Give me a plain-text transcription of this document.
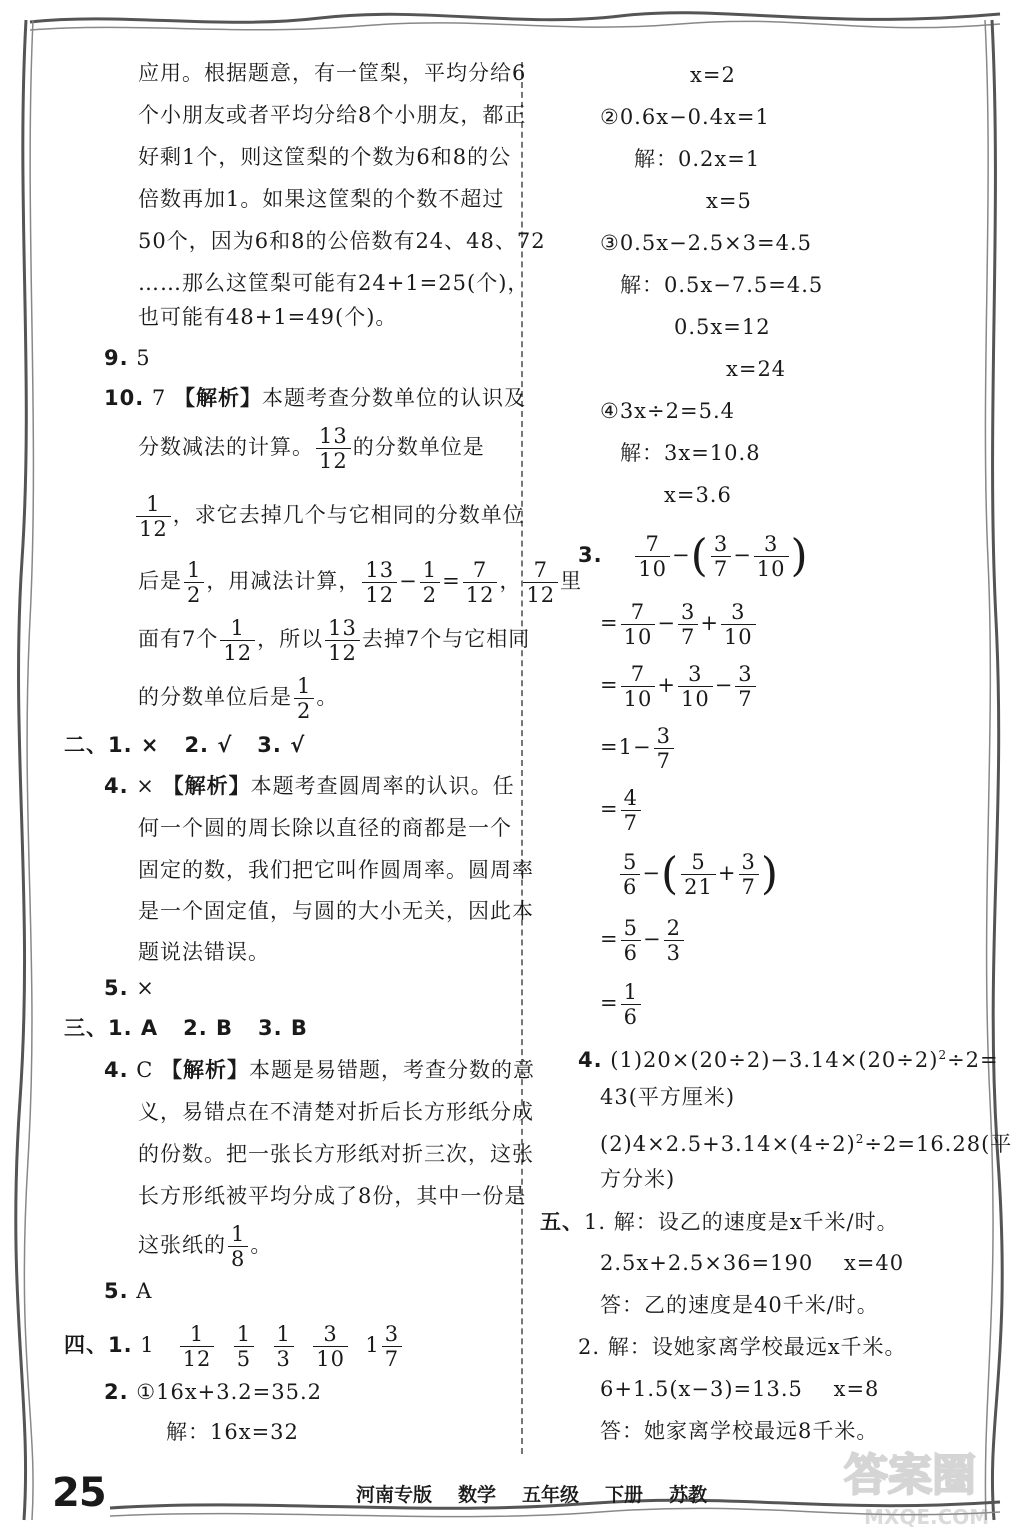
应用。根据题意，有一筐梨，平均分给6
个小朋友或者平均分给8个小朋友，都正
好剩1个，则这筐梨的个数为6和8的公
倍数再加1。如果这筐梨的个数不超过
50个，因为6和8的公倍数有24、48、72
……那么这筐梨可能有24+1=25(个)，
也可能有48+1=49(个)。
9. 5
10. 7 【解析】本题考查分数单位的认识及
分数减法的计算。 $\frac{13}{12}$ 的分数单位是
$\frac{1}{12}$ ，求它去掉几个与它相同的分数单位
后是 $\frac{1}{2}$ ，用减法计算， $\frac{13}{12} - \frac{1}{2} = \frac{7}{12}$ ， $\frac{7}{12}$ 里
面有7个 $\frac{1}{12}$ ，所以 $\frac{13}{12}$ 去掉7个与它相同
的分数单位后是 $\frac{1}{2}$ 。
二、1. × 2. √ 3. √
4. × 【解析】本题考查圆周率的认识。任
何一个圆的周长除以直径的商都是一个
固定的数，我们把它叫作圆周率。圆周率
是一个固定值，与圆的大小无关，因此本
题说法错误。
5. ×
三、1. A 2. B 3. B
4. C 【解析】本题是易错题，考查分数的意
义，易错点在不清楚对折后长方形纸分成
的份数。把一张长方形纸对折三次，这张
长方形纸被平均分成了8份，其中一份是
这张纸的 $\frac{1}{8}$ 。
5. A
四、1. $1 \frac{1}{12}$
$\frac{1}{5}$
$\frac{1}{3}$
$\frac{3}{10} 1 \frac{3}{7}$
2. ①16x+3.2=35.2
解：16x=32
x=2
②0.6x−0.4x=1
解：0.2x=1
x=5
③0.5x−2.5×3=4.5
解：0.5x−7.5=4.5
0.5x=12
x=24
④3x÷2=5.4
解：3x=10.8
x=3.6
3. $\frac{7}{10}$ −( $\frac{3}{7} - \frac{3}{10}$ )
= $\frac{7}{10} - \frac{3}{7} + \frac{3}{10}$
= $\frac{7}{10} + \frac{3}{10} - \frac{3}{7}$
$=1- \frac{3}{7}$
= $\frac{4}{7}$
$\frac{5}{6}$ −( $\frac{5}{21} + \frac{3}{7}$ )
= $\frac{5}{6} - \frac{2}{3}$
= $\frac{1}{6}$
4. $(1)20\times(20\div 2)-3.14\times(20\div 2)^2\div 2=$
43(平方厘米)
$(2)4\times 2.5+3.14\times(4\div 2)^2\div 2=16.28$(平
方分米)
五、1. 解：设乙的速度是x千米/时。
2.5x+2.5×36=190 x=40
答：乙的速度是40千米/时。
2. 解：设她家离学校最远x千米。
6+1.5(x−3)=13.5 x=8
答：她家离学校最远8千米。
25	河南专版 数学 五年级 下册 苏教	答案圈
MXQE.COM
